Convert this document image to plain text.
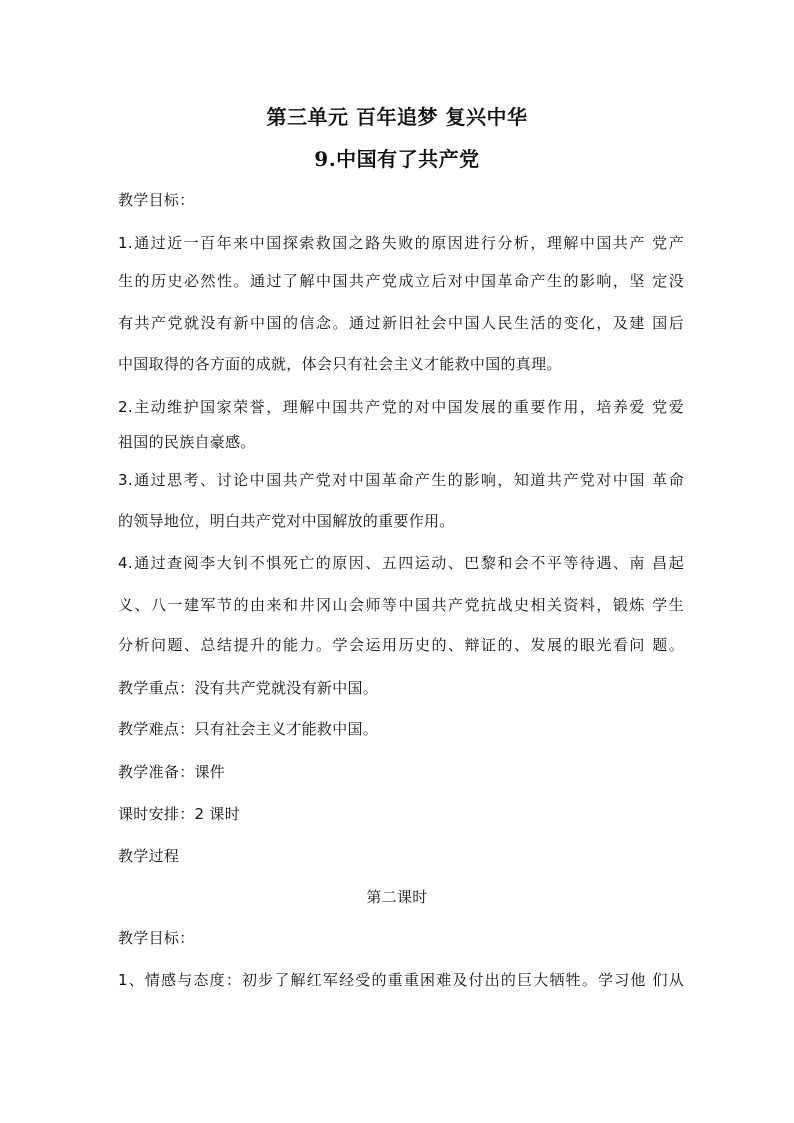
第三单元 百年追梦 复兴中华
9.中国有了共产党
教学目标：
1.通过近一百年来中国探索救国之路失败的原因进行分析，理解中国共产 党产
生的历史必然性。通过了解中国共产党成立后对中国革命产生的影响，坚 定没
有共产党就没有新中国的信念。通过新旧社会中国人民生活的变化，及建 国后
中国取得的各方面的成就，体会只有社会主义才能救中国的真理。
2.主动维护国家荣誉，理解中国共产党的对中国发展的重要作用，培养爱 党爱
祖国的民族自豪感。
3.通过思考、讨论中国共产党对中国革命产生的影响，知道共产党对中国 革命
的领导地位，明白共产党对中国解放的重要作用。
4.通过查阅李大钊不惧死亡的原因、五四运动、巴黎和会不平等待遇、南 昌起
义、八一建军节的由来和井冈山会师等中国共产党抗战史相关资料，锻炼 学生
分析问题、总结提升的能力。学会运用历史的、辩证的、发展的眼光看问 题。
教学重点：没有共产党就没有新中国。
教学难点：只有社会主义才能救中国。
教学准备：课件
课时安排：2 课时
教学过程
第二课时
教学目标：
1、情感与态度：初步了解红军经受的重重困难及付出的巨大牺牲。学习他 们从
